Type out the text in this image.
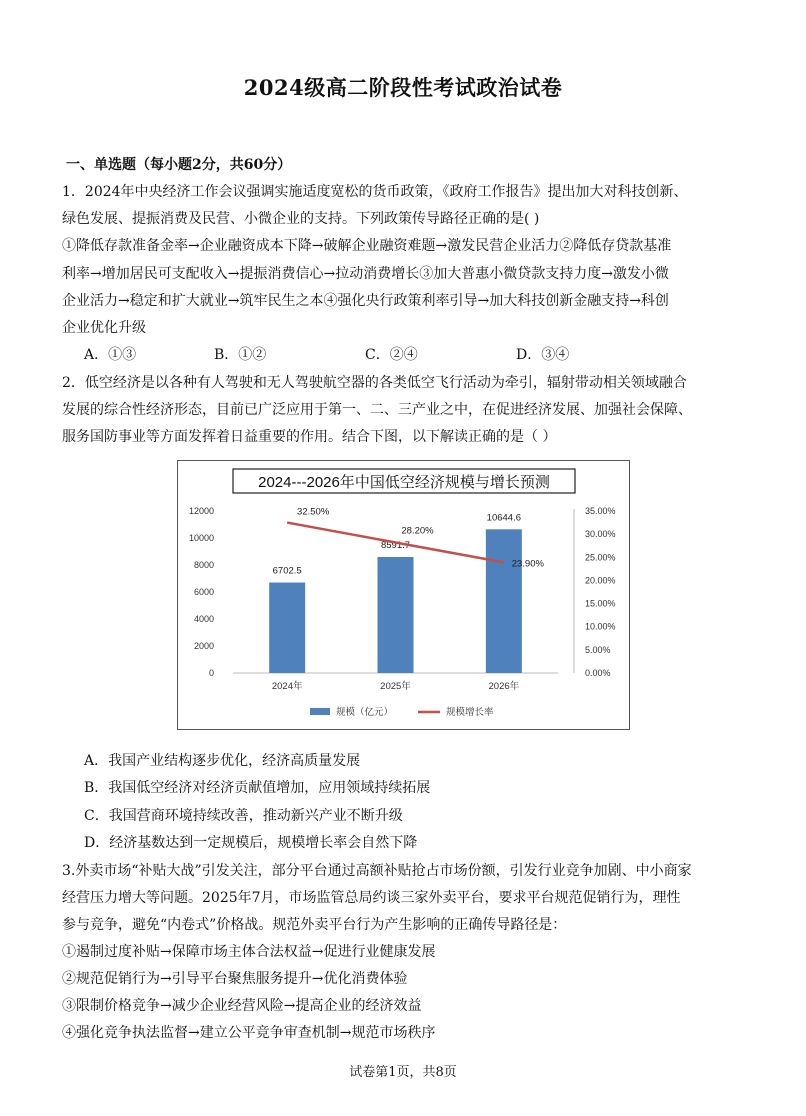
2024级高二阶段性考试政治试卷
一、单选题（每小题2分，共60分）
1．2024年中央经济工作会议强调实施适度宽松的货币政策，《政府工作报告》提出加大对科技创新、
绿色发展、提振消费及民营、小微企业的支持。下列政策传导路径正确的是( )
①降低存款准备金率→企业融资成本下降→破解企业融资难题→激发民营企业活力②降低存贷款基准
利率→增加居民可支配收入→提振消费信心→拉动消费增长③加大普惠小微贷款支持力度→激发小微
企业活力→稳定和扩大就业→筑牢民生之本④强化央行政策利率引导→加大科技创新金融支持→科创
企业优化升级
A．①③	B．①②	C．②④	D．③④
2．低空经济是以各种有人驾驶和无人驾驶航空器的各类低空飞行活动为牵引，辐射带动相关领域融合
发展的综合性经济形态，目前已广泛应用于第一、二、三产业之中，在促进经济发展、加强社会保障、
服务国防事业等方面发挥着日益重要的作用。结合下图，以下解读正确的是（ ）
2024---2026年中国低空经济规模与增长预测
0
2000
4000
6000
8000
10000
12000
0.00%
5.00%
10.00%
15.00%
20.00%
25.00%
30.00%
35.00%
6702.5
8591.7
10644.6
2024年	2025年	2026年
32.50%
28.20%
23.90%
规模（亿元）	规模增长率
A．我国产业结构逐步优化，经济高质量发展
B．我国低空经济对经济贡献值增加，应用领域持续拓展
C．我国营商环境持续改善，推动新兴产业不断升级
D．经济基数达到一定规模后，规模增长率会自然下降
3.外卖市场“补贴大战”引发关注，部分平台通过高额补贴抢占市场份额，引发行业竞争加剧、中小商家
经营压力增大等问题。2025年7月，市场监管总局约谈三家外卖平台，要求平台规范促销行为，理性
参与竞争，避免“内卷式”价格战。规范外卖平台行为产生影响的正确传导路径是：
①遏制过度补贴→保障市场主体合法权益→促进行业健康发展
②规范促销行为→引导平台聚焦服务提升→优化消费体验
③限制价格竞争→减少企业经营风险→提高企业的经济效益
④强化竞争执法监督→建立公平竞争审查机制→规范市场秩序
试卷第1页，共8页
